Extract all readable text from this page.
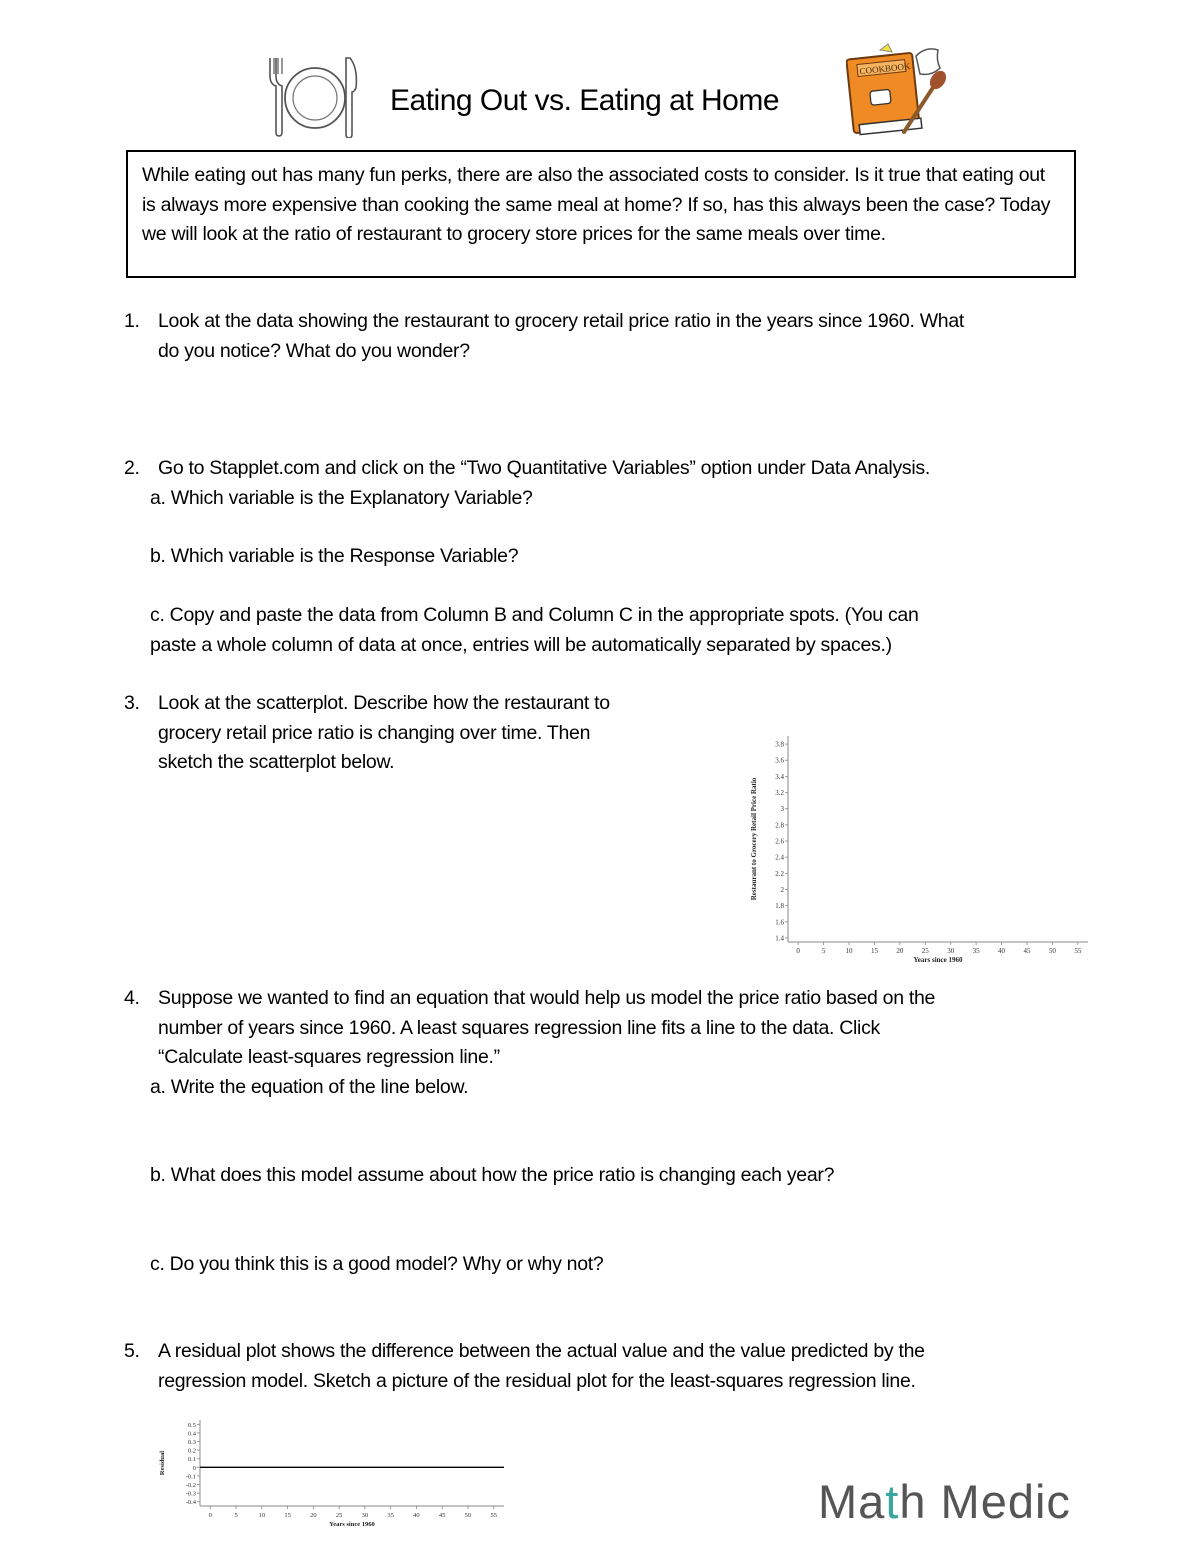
Eating Out vs. Eating at Home
COOKBOOK
While eating out has many fun perks, there are also the associated costs to consider. Is it true that eating out is always more expensive than cooking the same meal at home? If so, has this always been the case? Today we will look at the ratio of restaurant to grocery store prices for the same meals over time.
1. Look at the data showing the restaurant to grocery retail price ratio in the years since 1960. What
do you notice? What do you wonder?
2. Go to Stapplet.com and click on the “Two Quantitative Variables” option under Data Analysis.
a. Which variable is the Explanatory Variable?
b. Which variable is the Response Variable?
c. Copy and paste the data from Column B and Column C in the appropriate spots. (You can
paste a whole column of data at once, entries will be automatically separated by spaces.)
3. Look at the scatterplot. Describe how the restaurant to
grocery retail price ratio is changing over time. Then
sketch the scatterplot below.
0	5	10	15	20	25	30	35	40	45	50	55
1.4
1.6
1.8
2
2.2
2.4
2.6
2.8
3
3.2
3.4
3.6
3.8
Years since 1960
Restaurant to Grocery Retail Price Ratio
4. Suppose we wanted to find an equation that would help us model the price ratio based on the
number of years since 1960. A least squares regression line fits a line to the data. Click
“Calculate least-squares regression line.”
a. Write the equation of the line below.
b. What does this model assume about how the price ratio is changing each year?
c. Do you think this is a good model? Why or why not?
5. A residual plot shows the difference between the actual value and the value predicted by the
regression model. Sketch a picture of the residual plot for the least-squares regression line.
0	5	10	15	20	25	30	35	40	45	50	55
0.5
0.4
0.3
0.2
0.1
0
-0.1
-0.2
-0.3
-0.4
Years since 1960
Residual
Math Medic
